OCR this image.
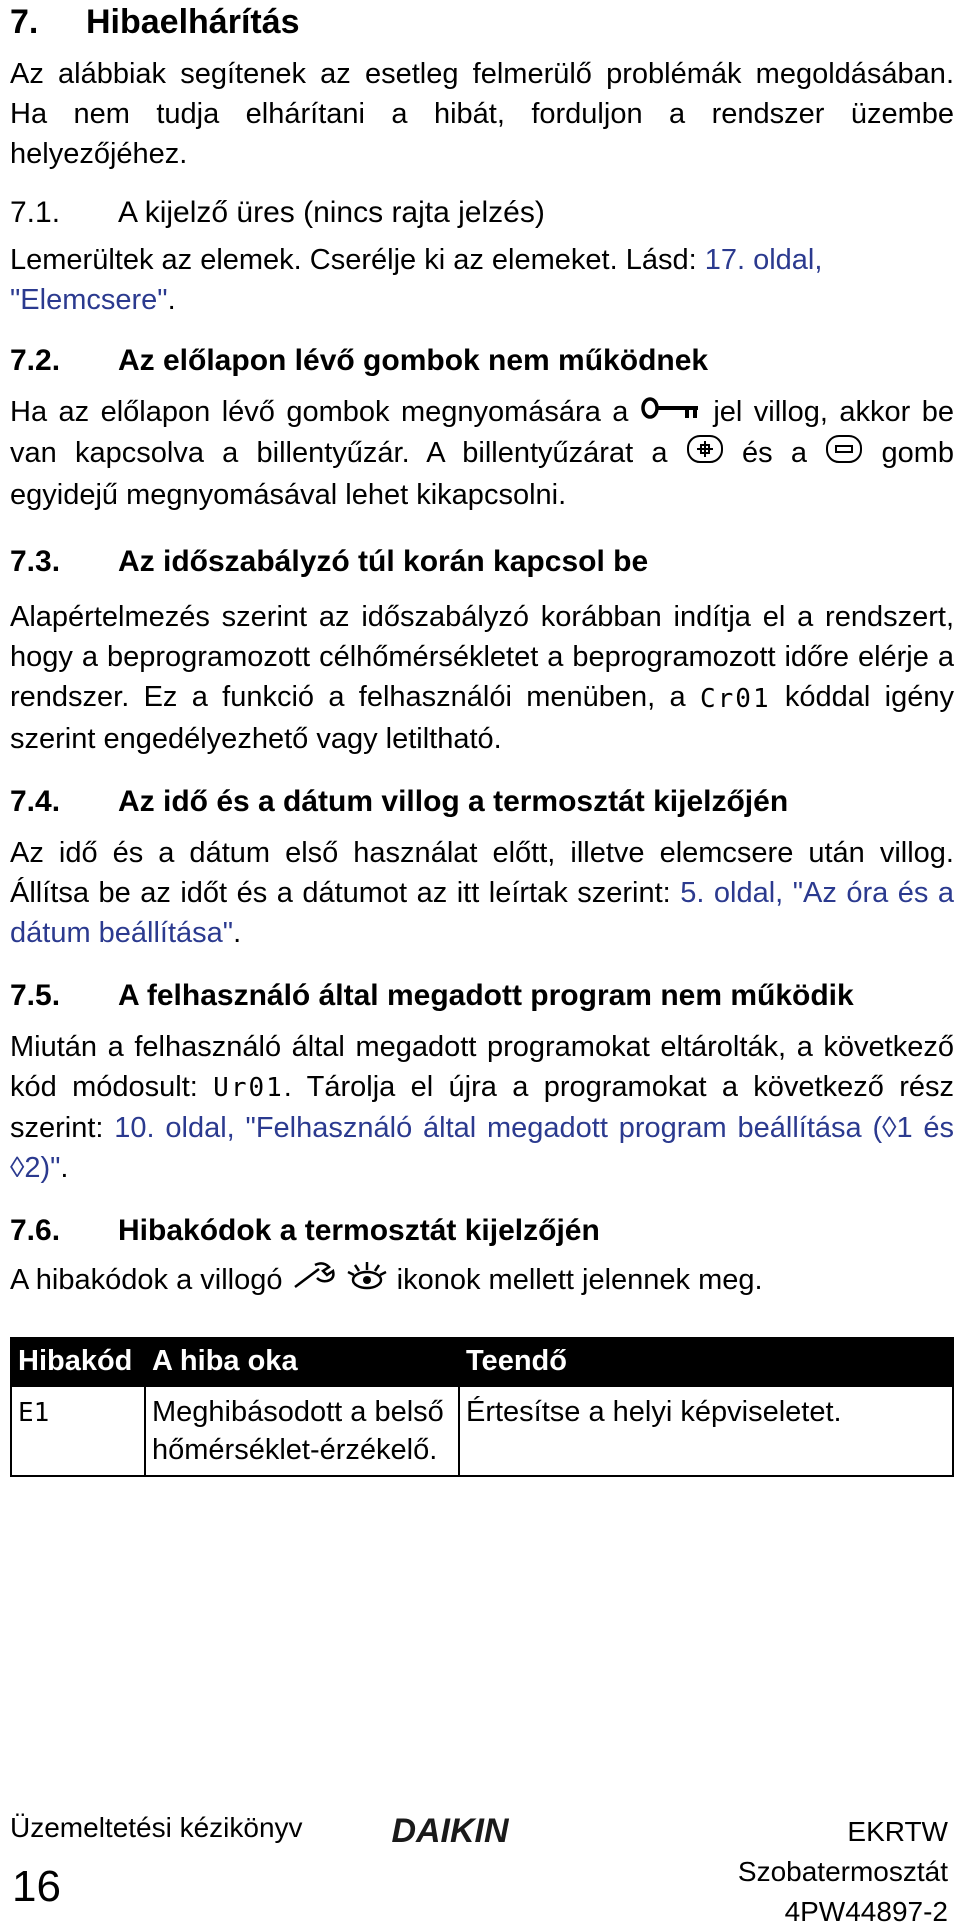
7. Hibaelhárítás

Az alábbiak segítenek az esetleg felmerülő problémák megoldásában. Ha nem tudja elhárítani a hibát, forduljon a rendszer üzembe helyezőjéhez.

7.1. A kijelző üres (nincs rajta jelzés)

Lemerültek az elemek. Cserélje ki az elemeket. Lásd: 17. oldal, "Elemcsere".

7.2. Az előlapon lévő gombok nem működnek

Ha az előlapon lévő gombok megnyomására a	jel villog, akkor be van kapcsolva a billentyűzár. A billentyűzárat a	és a	gomb egyidejű megnyomásával lehet kikapcsolni.

7.3. Az időszabályzó túl korán kapcsol be

Alapértelmezés szerint az időszabályzó korábban indítja el a rendszert, hogy a beprogramozott célhőmérsékletet a beprogramozott időre elérje a rendszer. Ez a funkció a felhasználói menüben, a Cr01 kóddal igény szerint engedélyezhető vagy letiltható.

7.4. Az idő és a dátum villog a termosztát kijelzőjén

Az idő és a dátum első használat előtt, illetve elemcsere után villog. Állítsa be az időt és a dátumot az itt leírtak szerint: 5. oldal, "Az óra és a dátum beállítása".

7.5. A felhasználó által megadott program nem működik

Miután a felhasználó által megadott programokat eltárolták, a következő kód módosult: Ur01. Tárolja el újra a programokat a következő rész szerint: 10. oldal, "Felhasználó által megadott program beállítása (◊1 és ◊2)".

7.6. Hibakódok a termosztát kijelzőjén

A hibakódok a villogó	ikonok mellett jelennek meg.

Hibakód	A hiba oka	Teendő
E1	Meghibásodott a belső hőmérséklet-érzékelő.	Értesítse a helyi képviseletet.
Üzemeltetési kézikönyv
16
DAIKIN	EKRTW
Szobatermosztát
4PW44897-2
